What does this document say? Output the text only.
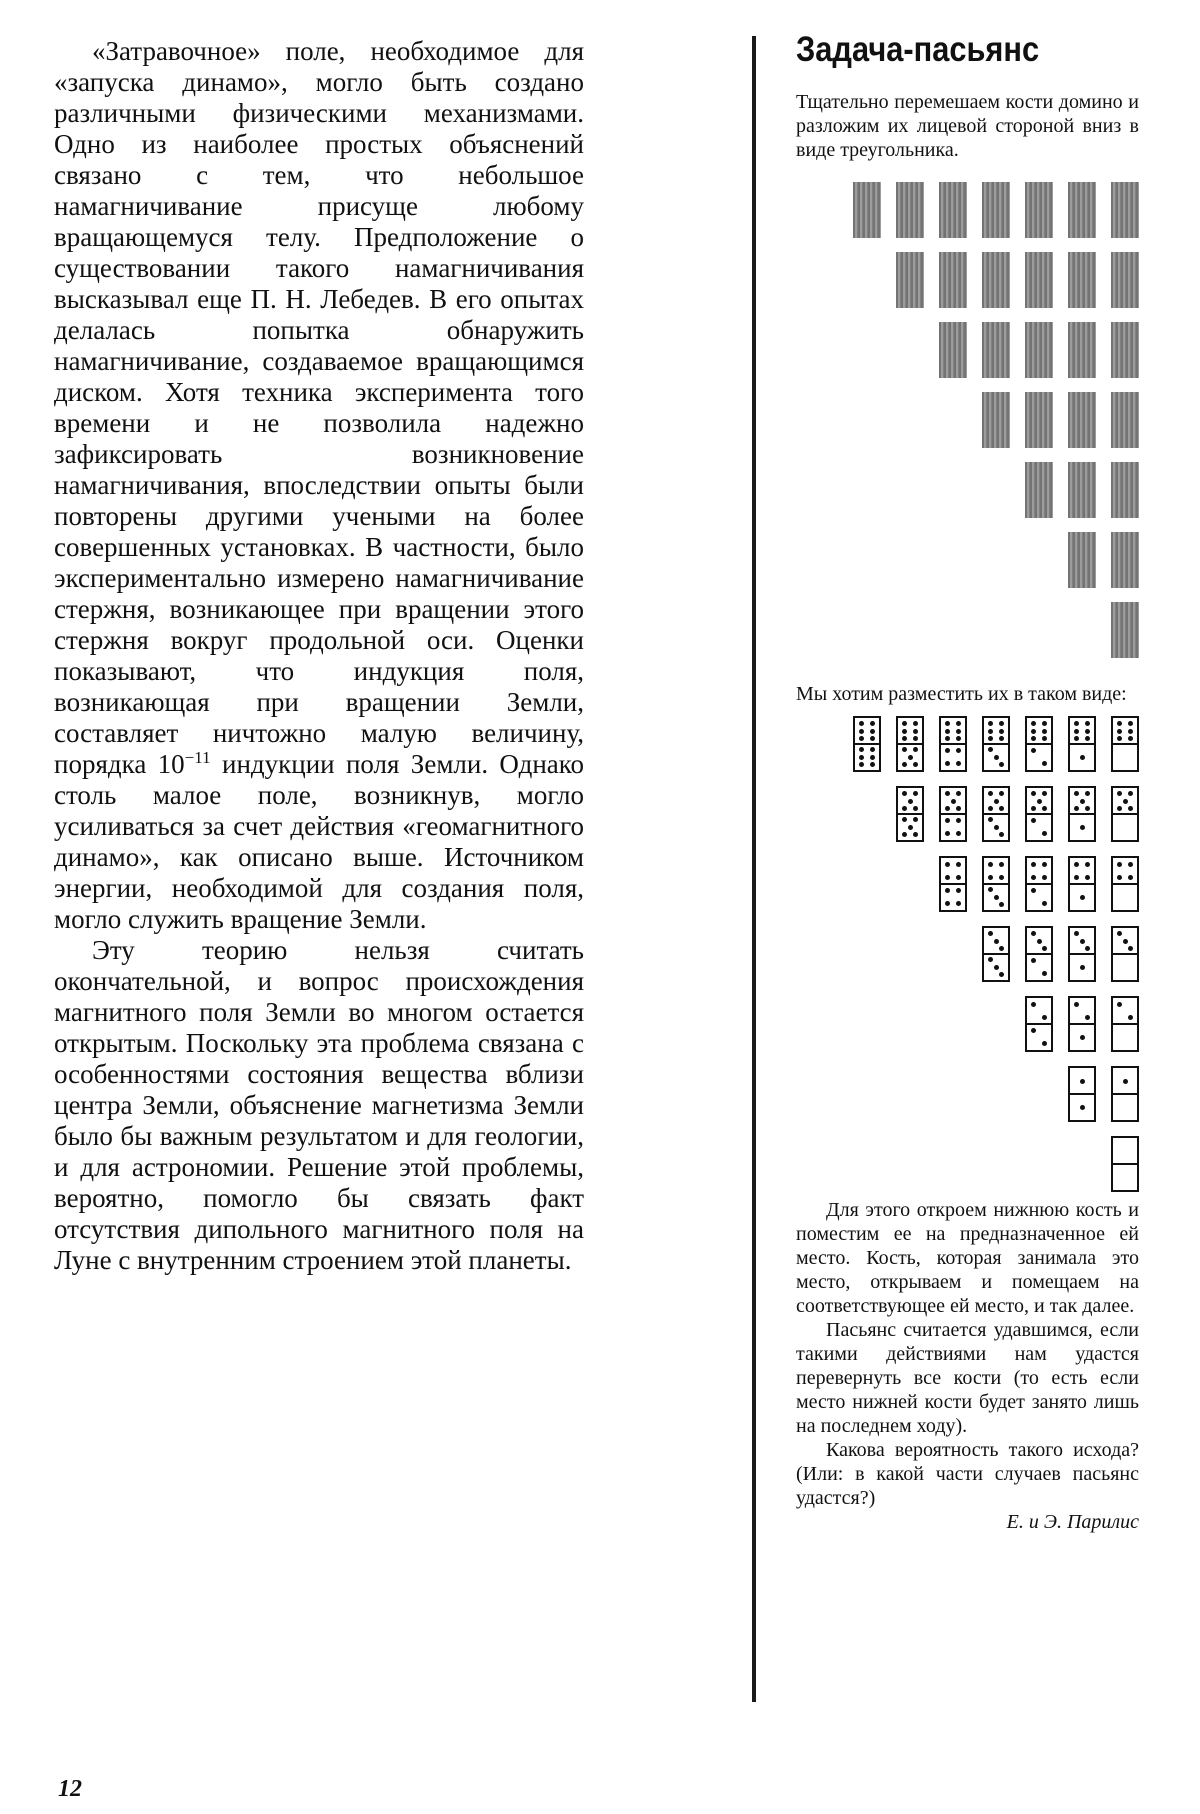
«Затравочное» поле, необходимое для «запуска динамо», могло быть создано различными физическими механизмами. Одно из наиболее простых объяснений связано с тем, что небольшое намагничивание присуще любому вращающемуся телу. Предположение о существовании такого намагничивания высказывал еще П. Н. Лебедев. В его опытах делалась попытка обнаружить намагничивание, создаваемое вращающимся диском. Хотя техника эксперимента того времени и не позволила надежно зафиксировать возникновение намагничивания, впоследствии опыты были повторены другими учеными на более совершенных установках. В частности, было экспериментально измерено намагничивание стержня, возникающее при вращении этого стержня вокруг продольной оси. Оценки показывают, что индукция поля, возникающая при вращении Земли, составляет ничтожно малую величину, порядка $10^{-11}$ индукции поля Земли. Однако столь малое поле, возникнув, могло усиливаться за счет действия «геомагнитного динамо», как описано выше. Источником энергии, необходимой для создания поля, могло служить вращение Земли.

Эту теорию нельзя считать окончательной, и вопрос происхождения магнитного поля Земли во многом остается открытым. Поскольку эта проблема связана с особенностями состояния вещества вблизи центра Земли, объяснение магнетизма Земли было бы важным результатом и для геологии, и для астрономии. Решение этой проблемы, вероятно, помогло бы связать факт отсутствия дипольного магнитного поля на Луне с внутренним строением этой планеты.

Задача-пасьянс

Тщательно перемешаем кости домино и разложим их лицевой стороной вниз в виде треугольника.

Мы хотим разместить их в таком виде:

Для этого откроем нижнюю кость и поместим ее на предназначенное ей место. Кость, которая занимала это место, открываем и помещаем на соответствующее ей место, и так далее.

Пасьянс считается удавшимся, если такими действиями нам удастся перевернуть все кости (то есть если место нижней кости будет занято лишь на последнем ходу).

Какова вероятность такого исхода? (Или: в какой части случаев пасьянс удастся?)

Е. и Э. Парилис

12
